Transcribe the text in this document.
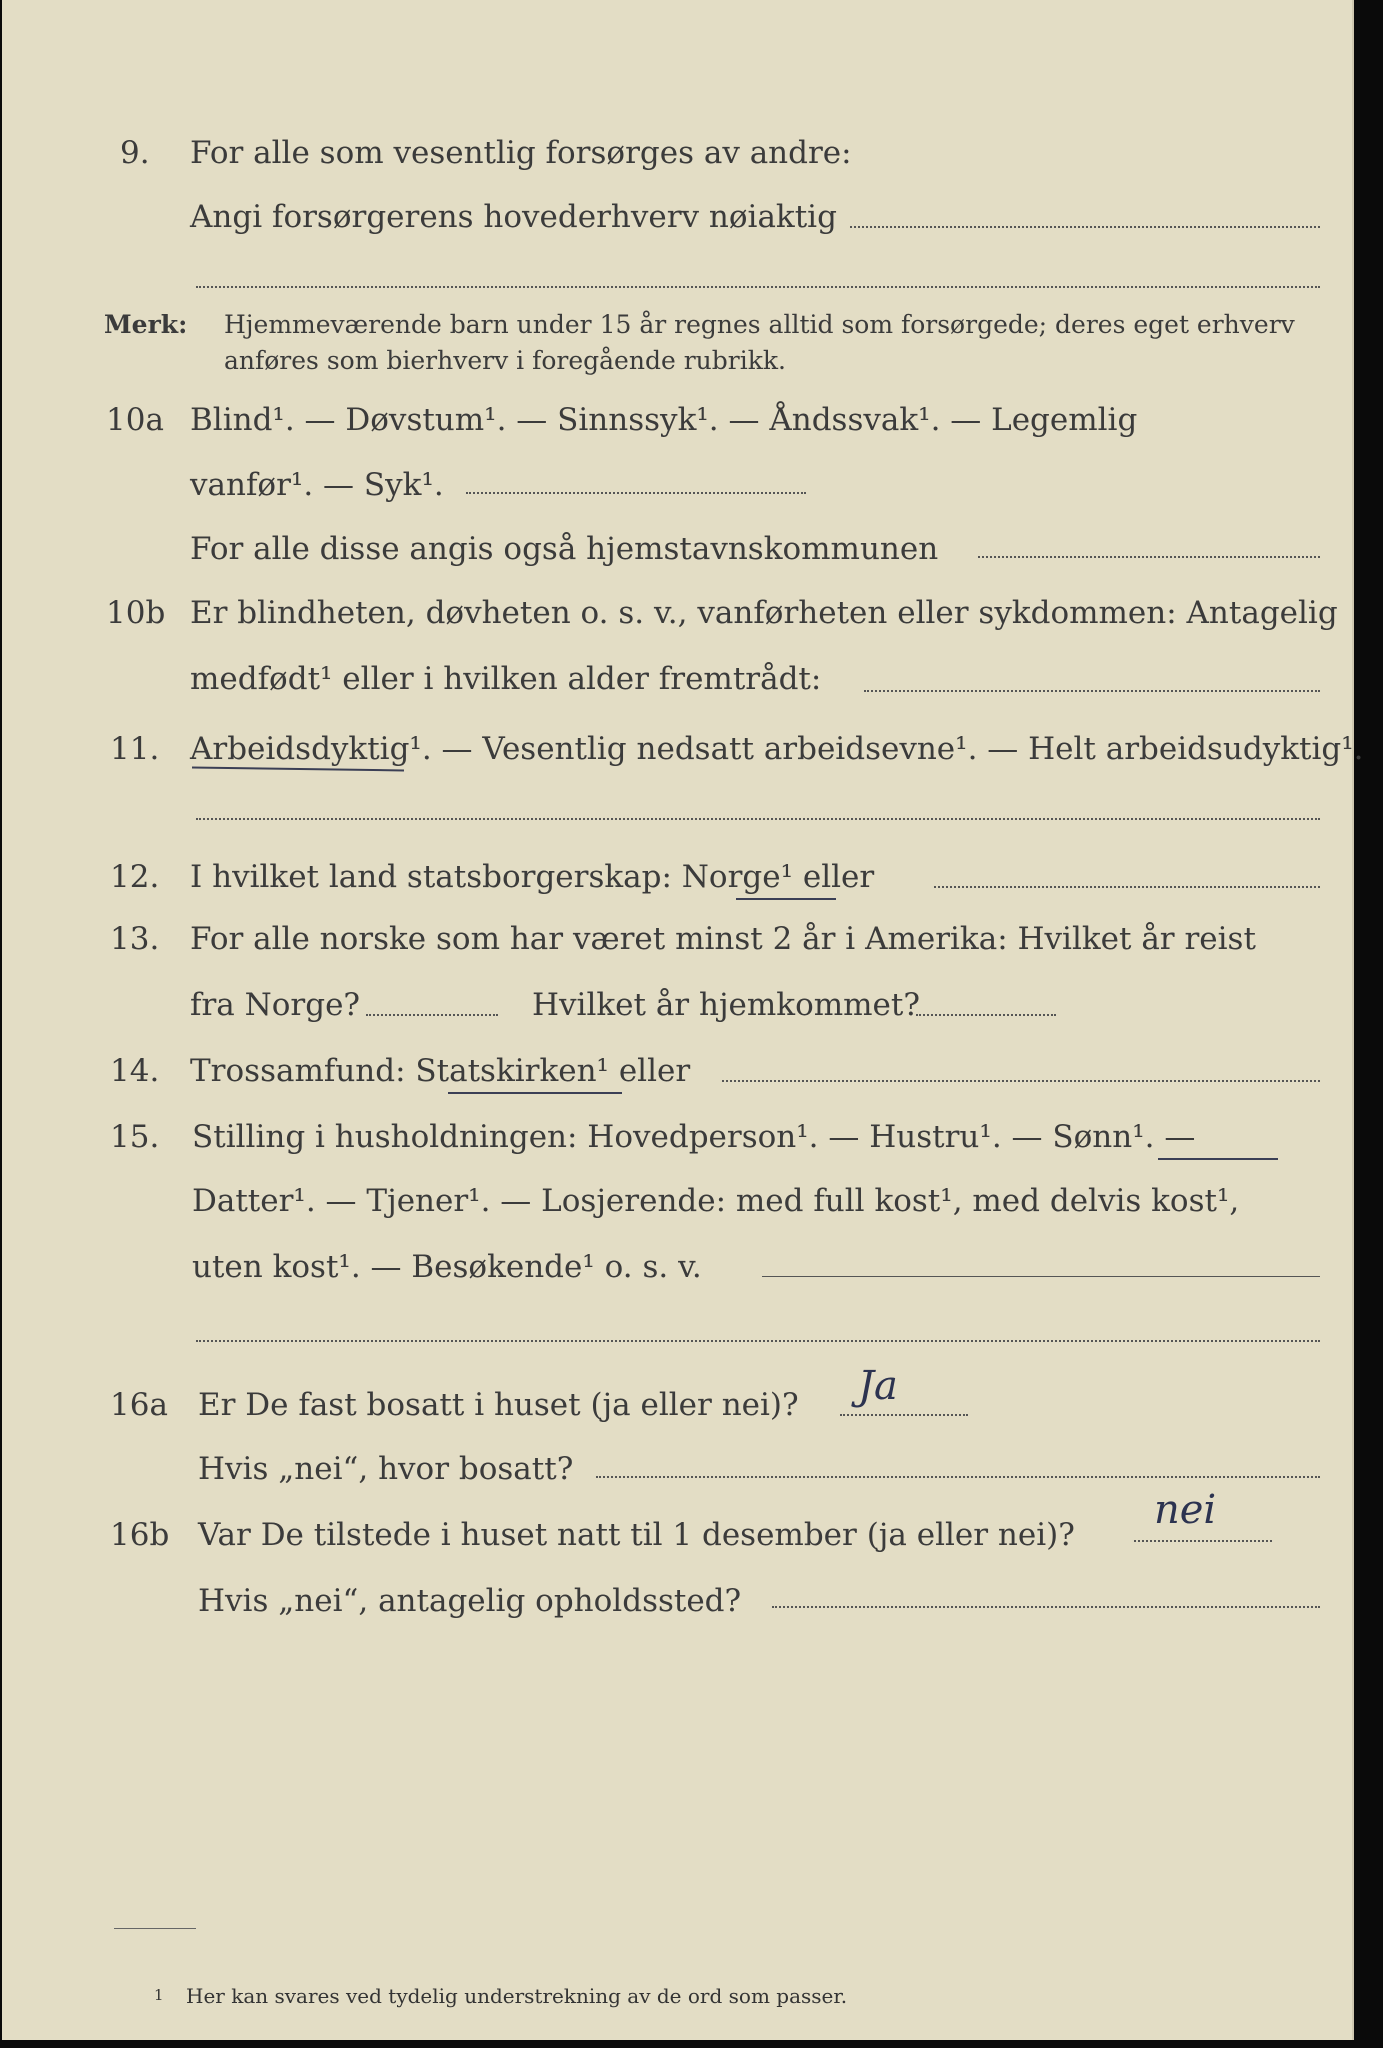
9. For alle som vesentlig forsørges av andre:
Angi forsørgerens hovederhverv nøiaktig
Merk: Hjemmeværende barn under 15 år regnes alltid som forsørgede; deres eget erhverv
anføres som bierhverv i foregående rubrikk.
10a Blind¹. — Døvstum¹. — Sinnssyk¹. — Åndssvak¹. — Legemlig
vanfør¹. — Syk¹.
For alle disse angis også hjemstavnskommunen
10b Er blindheten, døvheten o. s. v., vanførheten eller sykdommen: Antagelig
medfødt¹ eller i hvilken alder fremtrådt:
11. Arbeidsdyktig¹. — Vesentlig nedsatt arbeidsevne¹. — Helt arbeidsudyktig¹.
12. I hvilket land statsborgerskap: Norge¹ eller
13. For alle norske som har været minst 2 år i Amerika: Hvilket år reist
fra Norge?	Hvilket år hjemkommet?
14. Trossamfund: Statskirken¹ eller
15. Stilling i husholdningen: Hovedperson¹. — Hustru¹. — Sønn¹. —
Datter¹. — Tjener¹. — Losjerende: med full kost¹, med delvis kost¹,
uten kost¹. — Besøkende¹ o. s. v.
16a Er De fast bosatt i huset (ja eller nei)? Ja
Hvis „nei“, hvor bosatt?
16b Var De tilstede i huset natt til 1 desember (ja eller nei)?
nei
Hvis „nei“, antagelig opholdssted?
1 Her kan svares ved tydelig understrekning av de ord som passer.
